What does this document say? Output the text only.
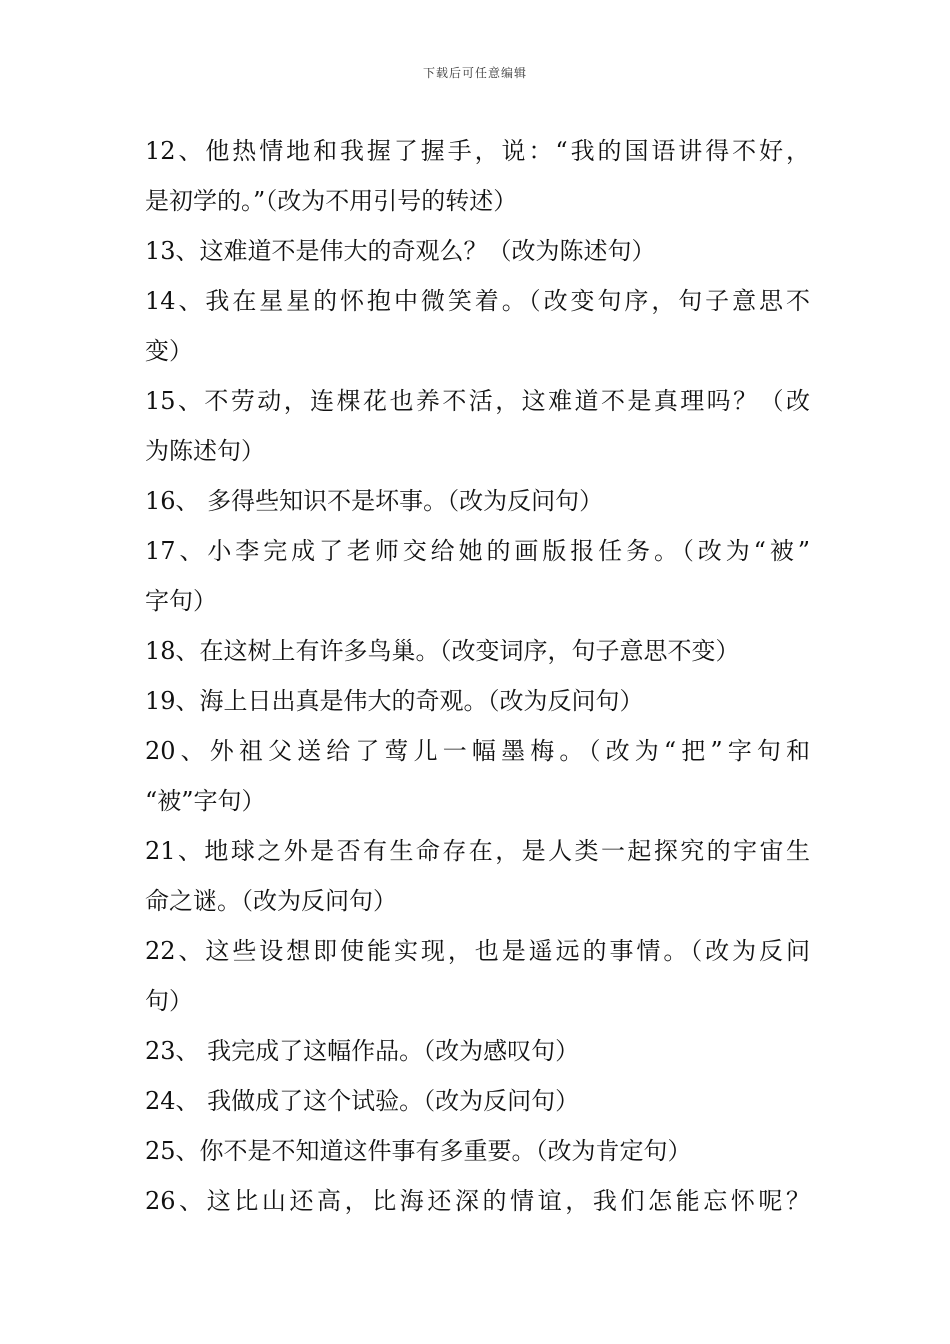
下载后可任意编辑
12、他热情地和我握了握手，说：“我的国语讲得不好，
是初学的。”（改为不用引号的转述）
13、这难道不是伟大的奇观么？（改为陈述句）
14、我在星星的怀抱中微笑着。（改变句序，句子意思不
变）
15、不劳动，连棵花也养不活，这难道不是真理吗？（改
为陈述句）
16、 多得些知识不是坏事。（改为反问句）
17、小李完成了老师交给她的画版报任务。（改为“被”
字句）
18、在这树上有许多鸟巢。（改变词序，句子意思不变）
19、海上日出真是伟大的奇观。（改为反问句）
20、外祖父送给了莺儿一幅墨梅。（改为“把”字句和
“被”字句）
21、地球之外是否有生命存在，是人类一起探究的宇宙生
命之谜。（改为反问句）
22、这些设想即使能实现，也是遥远的事情。（改为反问
句）
23、 我完成了这幅作品。（改为感叹句）
24、 我做成了这个试验。（改为反问句）
25、你不是不知道这件事有多重要。（改为肯定句）
26、这比山还高，比海还深的情谊，我们怎能忘怀呢？
